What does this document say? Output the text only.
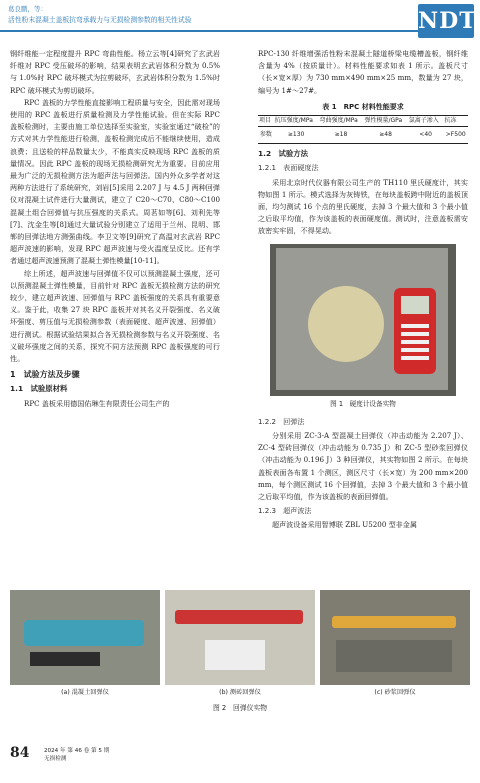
葛良鹏，等：
活性粉末混凝土盖板抗弯承载力与无损检测参数的相关性试验	NDT

钢纤维能一定程度提升 RPC 弯曲性能。杨立云等[4]研究了玄武岩纤维对 RPC 受压破坏的影响，结果表明玄武岩体积分数为 0.5%与 1.0%时 RPC 破坏模式为拉剪破坏，玄武岩体积分数为 1.5%时 RPC 破坏模式为剪切破坏。

RPC 盖板的力学性能直接影响工程质量与安全，因此需对现场使用的 RPC 盖板进行质量检测及力学性能试验。但在实际 RPC 盖板检测时，主要由施工单位选择至实验室，实验室通过“破检”的方式对其力学性能进行检测，盖板检测完成后不能继续使用，造成浪费；且送检的样品数量太少，不能真实反映现场 RPC 盖板的质量情况。因此 RPC 盖板的现场无损检测研究尤为重要。目前应用最为广泛的无损检测方法为超声法与回弹法。国内外众多学者对这两种方法进行了系统研究，刘岩[5]采用 2.207 J 与 4.5 J 两种回弹仪对混凝土试件进行大量测试，建立了 C20～C70、C80～C100 混凝土组合回弹值与抗压强度的关系式。周茗如等[6]、刘利先等[7]、沈金生等[8]通过大量试验分别建立了适用于兰州、昆明、邯郸的回弹法地方测强曲线。李卫文等[9]研究了高温对玄武岩 RPC 超声波速的影响，发现 RPC 超声波速与受火温度呈反比。还有学者通过超声波速预测了混凝土弹性模量[10-11]。

综上所述，超声波速与回弹值不仅可以预测混凝土强度，还可以预测混凝土弹性模量，目前针对 RPC 盖板无损检测方法的研究较少，建立超声波速、回弹值与 RPC 盖板强度的关系具有重要意义。鉴于此，收集 27 块 RPC 盖板并对其名义开裂强度、名义破坏强度、剪压值与无损检测参数（表面硬度、超声波速、回弹值）进行测试。根据试验结果拟合各无损检测参数与名义开裂强度、名义破坏强度之间的关系，探究不同方法预测 RPC 盖板强度的可行性。

1　试验方法及步骤
1.1　试验原材料

RPC 盖板采用德国佑琳生有限责任公司生产的

RPC-130 纤维增强活性粉末混凝土隧道桥梁电缆槽盖板，钢纤维含量为 4%（按质量计）。材料性能要求如表 1 所示。盖板尺寸（长×宽×厚）为 730 mm×490 mm×25 mm，数量为 27 块，编号为 1#～27#。

表 1　RPC 材料性能要求
项目	抗压强度/MPa	弯曲强度/MPa	弹性模量/GPa	氯离子渗入	抗冻
参数	≥130	≥18	≥48	<40	>F500
1.2　试验方法
1.2.1　表面硬度法

采用北京时代仪器有限公司生产的 TH110 里氏硬度计，其实物如图 1 所示。模式选择为灰铸铁，在每块盖板跨中附近的盖板顶面，均匀测试 16 个点的里氏硬度，去掉 3 个最大值和 3 个最小值之后取平均值，作为该盖板的表面硬度值。测试时，注意盖板需安放密实牢固，不得晃动。

图 1　硬度计设备实物
1.2.2　回弹法

分别采用 ZC-3-A 型混凝土回弹仪（冲击动能为 2.207 J）、ZC-4 型砖回弹仪（冲击动能为 0.735 J）和 ZC-5 型砂浆回弹仪（冲击动能为 0.196 J）3 种回弹仪，其实物如图 2 所示。在每块盖板表面各布置 1 个测区，测区尺寸（长×宽）为 200 mm×200 mm，每个测区测试 16 个回弹值，去掉 3 个最大值和 3 个最小值之后取平均值，作为该盖板的表面回弹值。

1.2.3　超声波法

超声波设备采用智博联 ZBL U5200 型非金属

(a) 混凝土回弹仪	(b) 测砖回弹仪	(c) 砂浆回弹仪
图 2　回弹仪实物
84	2024 年 第 46 卷 第 5 期
无损检测
